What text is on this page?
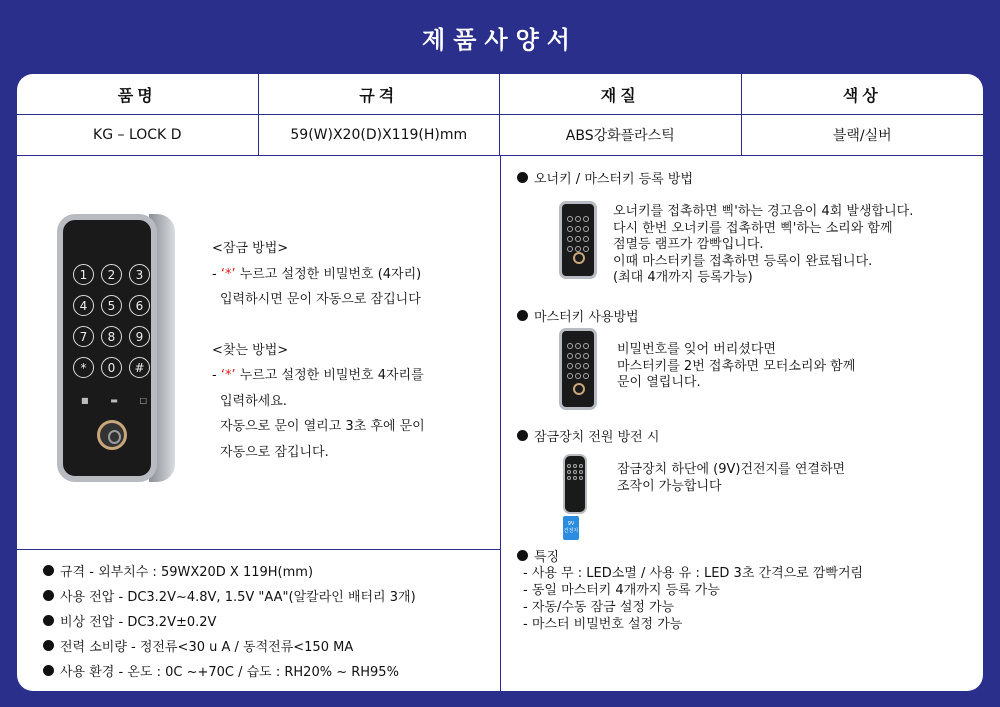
제품사양서
품명	규격	재질	색상
KG – LOCK D	59(W)X20(D)X119(H)mm	ABS강화플라스틱	블랙/실버
1	2	3
4	5	6
7	8	9
*	0	#
■	▬	□
<잠금 방법>
- ‘*’ 누르고 설정한 비밀번호 (4자리)
입력하시면 문이 자동으로 잠깁니다
<찾는 방법>
- ‘*’ 누르고 설정한 비밀번호 4자리를
입력하세요.
자동으로 문이 열리고 3초 후에 문이
자동으로 잠깁니다.
규격 - 외부치수 : 59WX20D X 119H(mm)
사용 전압 - DC3.2V~4.8V, 1.5V "AA"(알칼라인 배터리 3개)
비상 전압 - DC3.2V±0.2V
전력 소비량 - 정전류<30 u A / 동적전류<150 MA
사용 환경 - 온도 : 0C ~+70C / 습도 : RH20% ~ RH95%
오너키 / 마스터키 등록 방법
오너키를 접촉하면 삑'하는 경고음이 4회 발생합니다.
다시 한번 오너키를 접촉하면 삑'하는 소리와 함께
점멸등 램프가 깜빡입니다.
이때 마스터키를 접촉하면 등록이 완료됩니다.
(최대 4개까지 등록가능)
마스터키 사용방법
비밀번호를 잊어 버리셨다면
마스터키를 2번 접촉하면 모터소리와 함께
문이 열립니다.
잠금장치 전원 방전 시
9V
건전지
잠금장치 하단에 (9V)건전지를 연결하면
조작이 가능합니다
특징
- 사용 무 : LED소멸 / 사용 유 : LED 3초 간격으로 깜빡거림
- 동일 마스터키 4개까지 등록 가능
- 자동/수동 잠금 설정 가능
- 마스터 비밀번호 설정 가능
